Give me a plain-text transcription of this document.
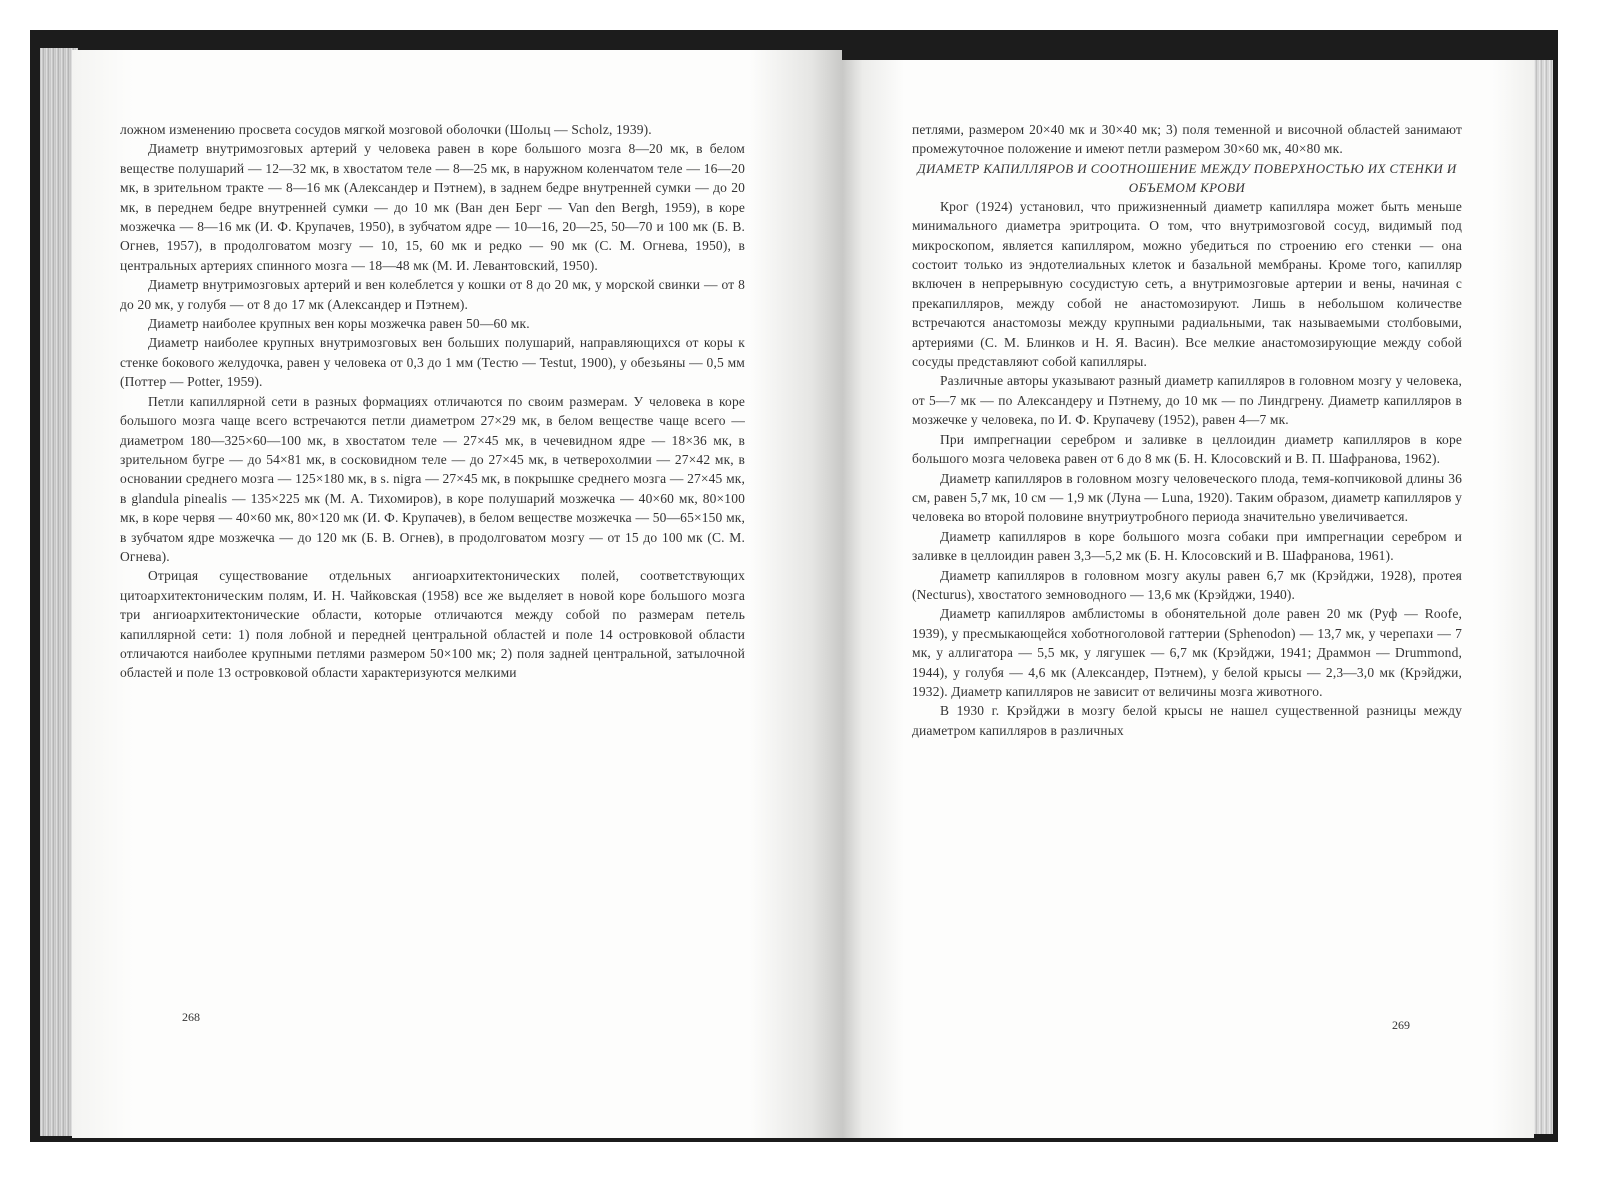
ложном изменению просвета сосудов мягкой мозговой оболочки (Шольц — Scholz, 1939).

Диаметр внутримозговых артерий у человека равен в коре большого мозга 8—20 мк, в белом веществе полушарий — 12—32 мк, в хвостатом теле — 8—25 мк, в наружном коленчатом теле — 16—20 мк, в зрительном тракте — 8—16 мк (Александер и Пэтнем), в заднем бедре внутренней сумки — до 20 мк, в переднем бедре внутренней сумки — до 10 мк (Ван ден Берг — Van den Bergh, 1959), в коре мозжечка — 8—16 мк (И. Ф. Крупачев, 1950), в зубчатом ядре — 10—16, 20—25, 50—70 и 100 мк (Б. В. Огнев, 1957), в продолговатом мозгу — 10, 15, 60 мк и редко — 90 мк (С. М. Огнева, 1950), в центральных артериях спинного мозга — 18—48 мк (М. И. Левантовский, 1950).

Диаметр внутримозговых артерий и вен колеблется у кошки от 8 до 20 мк, у морской свинки — от 8 до 20 мк, у голубя — от 8 до 17 мк (Александер и Пэтнем).

Диаметр наиболее крупных вен коры мозжечка равен 50—60 мк.

Диаметр наиболее крупных внутримозговых вен больших полушарий, направляющихся от коры к стенке бокового желудочка, равен у человека от 0,3 до 1 мм (Тестю — Testut, 1900), у обезьяны — 0,5 мм (Поттер — Potter, 1959).

Петли капиллярной сети в разных формациях отличаются по своим размерам. У человека в коре большого мозга чаще всего встречаются петли диаметром 27×29 мк, в белом веществе чаще всего — диаметром 180—325×60—100 мк, в хвостатом теле — 27×45 мк, в чечевидном ядре — 18×36 мк, в зрительном бугре — до 54×81 мк, в сосковидном теле — до 27×45 мк, в четверохолмии — 27×42 мк, в основании среднего мозга — 125×180 мк, в s. nigra — 27×45 мк, в покрышке среднего мозга — 27×45 мк, в glandula pinealis — 135×225 мк (М. А. Тихомиров), в коре полушарий мозжечка — 40×60 мк, 80×100 мк, в коре червя — 40×60 мк, 80×120 мк (И. Ф. Крупачев), в белом веществе мозжечка — 50—65×150 мк, в зубчатом ядре мозжечка — до 120 мк (Б. В. Огнев), в продолговатом мозгу — от 15 до 100 мк (С. М. Огнева).

Отрицая существование отдельных ангиоархитектонических полей, соответствующих цитоархитектоническим полям, И. Н. Чайковская (1958) все же выделяет в новой коре большого мозга три ангиоархитектонические области, которые отличаются между собой по размерам петель капиллярной сети: 1) поля лобной и передней центральной областей и поле 14 островковой области отличаются наиболее крупными петлями размером 50×100 мк; 2) поля задней центральной, затылочной областей и поле 13 островковой области характеризуются мелкими

268

петлями, размером 20×40 мк и 30×40 мк; 3) поля теменной и височной областей занимают промежуточное положение и имеют петли размером 30×60 мк, 40×80 мк.

ДИАМЕТР КАПИЛЛЯРОВ И СООТНОШЕНИЕ МЕЖДУ ПОВЕРХНОСТЬЮ ИХ СТЕНКИ И ОБЪЕМОМ КРОВИ

Крог (1924) установил, что прижизненный диаметр капилляра может быть меньше минимального диаметра эритроцита. О том, что внутримозговой сосуд, видимый под микроскопом, является капилляром, можно убедиться по строению его стенки — она состоит только из эндотелиальных клеток и базальной мембраны. Кроме того, капилляр включен в непрерывную сосудистую сеть, а внутримозговые артерии и вены, начиная с прекапилляров, между собой не анастомозируют. Лишь в небольшом количестве встречаются анастомозы между крупными радиальными, так называемыми столбовыми, артериями (С. М. Блинков и Н. Я. Васин). Все мелкие анастомозирующие между собой сосуды представляют собой капилляры.

Различные авторы указывают разный диаметр капилляров в головном мозгу у человека, от 5—7 мк — по Александеру и Пэтнему, до 10 мк — по Линдгрену. Диаметр капилляров в мозжечке у человека, по И. Ф. Крупачеву (1952), равен 4—7 мк.

При импрегнации серебром и заливке в целлоидин диаметр капилляров в коре большого мозга человека равен от 6 до 8 мк (Б. Н. Клосовский и В. П. Шафранова, 1962).

Диаметр капилляров в головном мозгу человеческого плода, темя-копчиковой длины 36 см, равен 5,7 мк, 10 см — 1,9 мк (Луна — Luna, 1920). Таким образом, диаметр капилляров у человека во второй половине внутриутробного периода значительно увеличивается.

Диаметр капилляров в коре большого мозга собаки при импрегнации серебром и заливке в целлоидин равен 3,3—5,2 мк (Б. Н. Клосовский и В. Шафранова, 1961).

Диаметр капилляров в головном мозгу акулы равен 6,7 мк (Крэйджи, 1928), протея (Necturus), хвостатого земноводного — 13,6 мк (Крэйджи, 1940).

Диаметр капилляров амблистомы в обонятельной доле равен 20 мк (Руф — Roofe, 1939), у пресмыкающейся хоботноголовой гаттерии (Sphenodon) — 13,7 мк, у черепахи — 7 мк, у аллигатора — 5,5 мк, у лягушек — 6,7 мк (Крэйджи, 1941; Драммон — Drummond, 1944), у голубя — 4,6 мк (Александер, Пэтнем), у белой крысы — 2,3—3,0 мк (Крэйджи, 1932). Диаметр капилляров не зависит от величины мозга животного.

В 1930 г. Крэйджи в мозгу белой крысы не нашел существенной разницы между диаметром капилляров в различных

269
